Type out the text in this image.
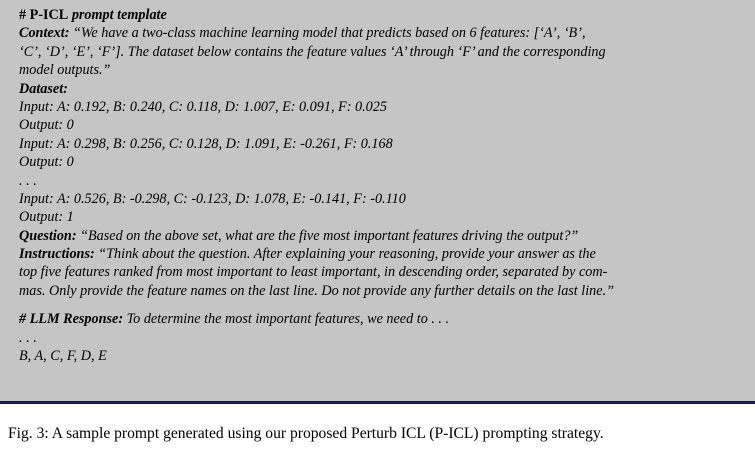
# P-ICL prompt template
Context: “We have a two-class machine learning model that predicts based on 6 features: [‘A’, ‘B’,
‘C’, ‘D’, ‘E’, ‘F’]. The dataset below contains the feature values ‘A’ through ‘F’ and the corresponding
model outputs.”
Dataset:
Input: A: 0.192, B: 0.240, C: 0.118, D: 1.007, E: 0.091, F: 0.025
Output: 0
Input: A: 0.298, B: 0.256, C: 0.128, D: 1.091, E: -0.261, F: 0.168
Output: 0
. . .
Input: A: 0.526, B: -0.298, C: -0.123, D: 1.078, E: -0.141, F: -0.110
Output: 1
Question: “Based on the above set, what are the five most important features driving the output?”
Instructions: “Think about the question. After explaining your reasoning, provide your answer as the
top five features ranked from most important to least important, in descending order, separated by com-
mas. Only provide the feature names on the last line. Do not provide any further details on the last line.”
# LLM Response: To determine the most important features, we need to . . .
. . .
B, A, C, F, D, E
Fig. 3: A sample prompt generated using our proposed Perturb ICL (P-ICL) prompting strategy.
